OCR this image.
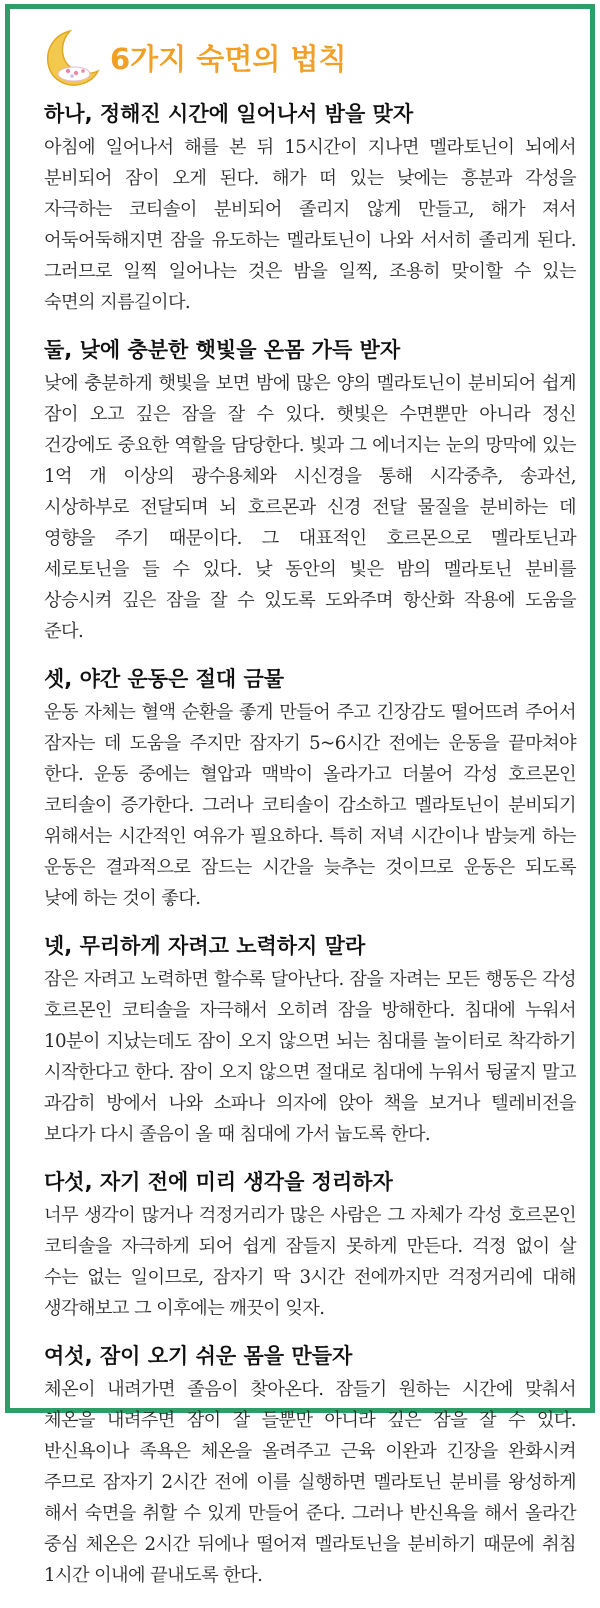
6가지 숙면의 법칙
하나, 정해진 시간에 일어나서 밤을 맞자

아침에 일어나서 해를 본 뒤 15시간이 지나면 멜라토닌이 뇌에서 분비되어 잠이 오게 된다. 해가 떠 있는 낮에는 흥분과 각성을 자극하는 코티솔이 분비되어 졸리지 않게 만들고, 해가 져서 어둑어둑해지면 잠을 유도하는 멜라토닌이 나와 서서히 졸리게 된다. 그러므로 일찍 일어나는 것은 밤을 일찍, 조용히 맞이할 수 있는 숙면의 지름길이다.

둘, 낮에 충분한 햇빛을 온몸 가득 받자

낮에 충분하게 햇빛을 보면 밤에 많은 양의 멜라토닌이 분비되어 쉽게 잠이 오고 깊은 잠을 잘 수 있다. 햇빛은 수면뿐만 아니라 정신 건강에도 중요한 역할을 담당한다. 빛과 그 에너지는 눈의 망막에 있는 1억 개 이상의 광수용체와 시신경을 통해 시각중추, 송과선, 시상하부로 전달되며 뇌 호르몬과 신경 전달 물질을 분비하는 데 영향을 주기 때문이다. 그 대표적인 호르몬으로 멜라토닌과 세로토닌을 들 수 있다. 낮 동안의 빛은 밤의 멜라토닌 분비를 상승시켜 깊은 잠을 잘 수 있도록 도와주며 항산화 작용에 도움을 준다.

셋, 야간 운동은 절대 금물

운동 자체는 혈액 순환을 좋게 만들어 주고 긴장감도 떨어뜨려 주어서 잠자는 데 도움을 주지만 잠자기 5~6시간 전에는 운동을 끝마쳐야 한다. 운동 중에는 혈압과 맥박이 올라가고 더불어 각성 호르몬인 코티솔이 증가한다. 그러나 코티솔이 감소하고 멜라토닌이 분비되기 위해서는 시간적인 여유가 필요하다. 특히 저녁 시간이나 밤늦게 하는 운동은 결과적으로 잠드는 시간을 늦추는 것이므로 운동은 되도록 낮에 하는 것이 좋다.

넷, 무리하게 자려고 노력하지 말라

잠은 자려고 노력하면 할수록 달아난다. 잠을 자려는 모든 행동은 각성 호르몬인 코티솔을 자극해서 오히려 잠을 방해한다. 침대에 누워서 10분이 지났는데도 잠이 오지 않으면 뇌는 침대를 놀이터로 착각하기 시작한다고 한다. 잠이 오지 않으면 절대로 침대에 누워서 뒹굴지 말고 과감히 방에서 나와 소파나 의자에 앉아 책을 보거나 텔레비전을 보다가 다시 졸음이 올 때 침대에 가서 눕도록 한다.

다섯, 자기 전에 미리 생각을 정리하자

너무 생각이 많거나 걱정거리가 많은 사람은 그 자체가 각성 호르몬인 코티솔을 자극하게 되어 쉽게 잠들지 못하게 만든다. 걱정 없이 살 수는 없는 일이므로, 잠자기 딱 3시간 전에까지만 걱정거리에 대해 생각해보고 그 이후에는 깨끗이 잊자.

여섯, 잠이 오기 쉬운 몸을 만들자

체온이 내려가면 졸음이 찾아온다. 잠들기 원하는 시간에 맞춰서 체온을 내려주면 잠이 잘 들뿐만 아니라 깊은 잠을 잘 수 있다. 반신욕이나 족욕은 체온을 올려주고 근육 이완과 긴장을 완화시켜 주므로 잠자기 2시간 전에 이를 실행하면 멜라토닌 분비를 왕성하게 해서 숙면을 취할 수 있게 만들어 준다. 그러나 반신욕을 해서 올라간 중심 체온은 2시간 뒤에나 떨어져 멜라토닌을 분비하기 때문에 취침 1시간 이내에 끝내도록 한다.
